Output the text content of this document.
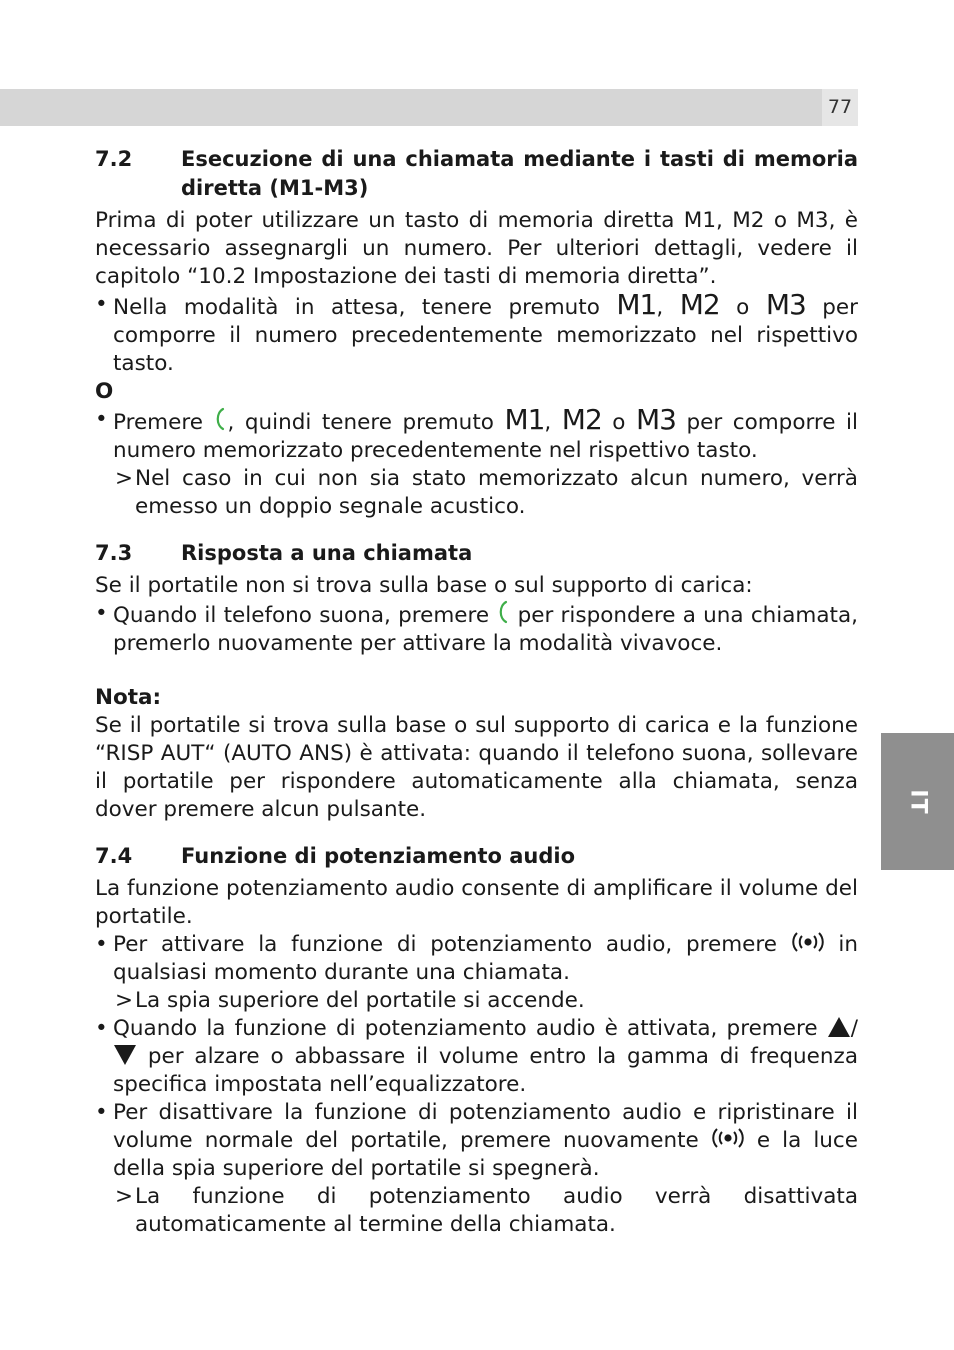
77
IT
7.2 Esecuzione di una chiamata mediante i tasti di memoria diretta (M1-M3)

Prima di poter utilizzare un tasto di memoria diretta M1, M2 o M3, è necessario assegnargli un numero. Per ulteriori dettagli, vedere il capitolo “10.2 Impostazione dei tasti di memoria diretta”.

• Nella modalità in attesa, tenere premuto M1, M2 o M3 per comporre il numero precedentemente memorizzato nel rispettivo tasto.

O

• Premere , quindi tenere premuto M1, M2 o M3 per comporre il numero memorizzato precedentemente nel rispettivo tasto.
> Nel caso in cui non sia stato memorizzato alcun numero, verrà emesso un doppio segnale acustico.
7.3 Risposta a una chiamata

Se il portatile non si trova sulla base o sul supporto di carica:

• Quando il telefono suona, premere  per rispondere a una chiamata, premerlo nuovamente per attivare la modalità vivavoce.

Nota:

Se il portatile si trova sulla base o sul supporto di carica e la funzione “RISP AUT“ (AUTO ANS) è attivata: quando il telefono suona, sollevare il portatile per rispondere automaticamente alla chiamata, senza dover premere alcun pulsante.

7.4 Funzione di potenziamento audio

La funzione potenziamento audio consente di amplificare il volume del portatile.

• Per attivare la funzione di potenziamento audio, premere  in qualsiasi momento durante una chiamata.
> La spia superiore del portatile si accende.
• Quando la funzione di potenziamento audio è attivata, premere / per alzare o abbassare il volume entro la gamma di frequenza specifica impostata nell’equalizzatore.
• Per disattivare la funzione di potenziamento audio e ripristinare il volume normale del portatile, premere nuovamente  e la luce della spia superiore del portatile si spegnerà.
> La funzione di potenziamento audio verrà disattivata automaticamente al termine della chiamata.
